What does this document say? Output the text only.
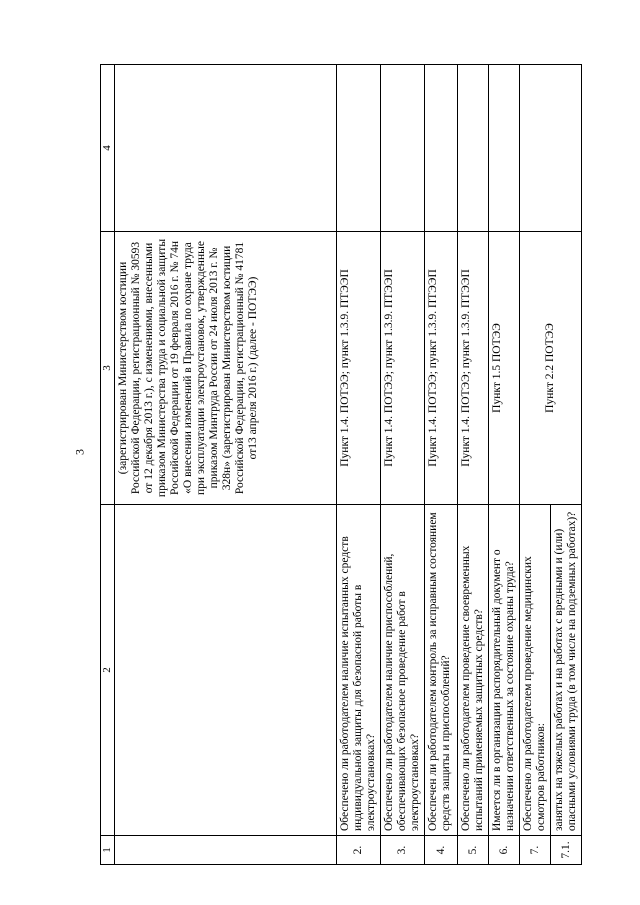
3
1	2	3	4
		(зарегистрирован Министерством юстиции Российской Федерации, регистрационный № 30593 от 12 декабря 2013 г.), с изменениями, внесенными приказом Министерства труда и социальной защиты Российской Федерации от 19 февраля 2016 г. № 74н «О внесении изменений в Правила по охране труда при эксплуатации электроустановок, утвержденные приказом Минтруда России от 24 июля 2013 г. № 328н» (зарегистрирован Министерством юстиции Российской Федерации, регистрационный № 41781 от13 апреля 2016 г.) (далее - ПОТЭЭ)	
2.	Обеспечено ли работодателем наличие испытанных средств индивидуальной защиты для безопасной работы в электроустановках?	Пункт 1.4. ПОТЭЭ; пункт 1.3.9. ПТЭЭП	
3.	Обеспечено ли работодателем наличие приспособлений, обеспечивающих безопасное проведение работ в электроустановках?	Пункт 1.4. ПОТЭЭ; пункт 1.3.9. ПТЭЭП	
4.	Обеспечен ли работодателем контроль за исправным состоянием средств защиты и приспособлений?	Пункт 1.4. ПОТЭЭ; пункт 1.3.9. ПТЭЭП	
5.	Обеспечено ли работодателем проведение своевременных испытаний применяемых защитных средств?	Пункт 1.4. ПОТЭЭ; пункт 1.3.9. ПТЭЭП	
6.	Имеется ли в организации распорядительный документ о назначении ответственных за состояние охраны труда?	Пункт 1.5 ПОТЭЭ	
7.	Обеспечено ли работодателем проведение медицинских осмотров работников:	Пункт 2.2 ПОТЭЭ	
7.1.	занятых на тяжелых работах и на работах с вредными и (или) опасными условиями труда (в том числе на подземных работах)?		
